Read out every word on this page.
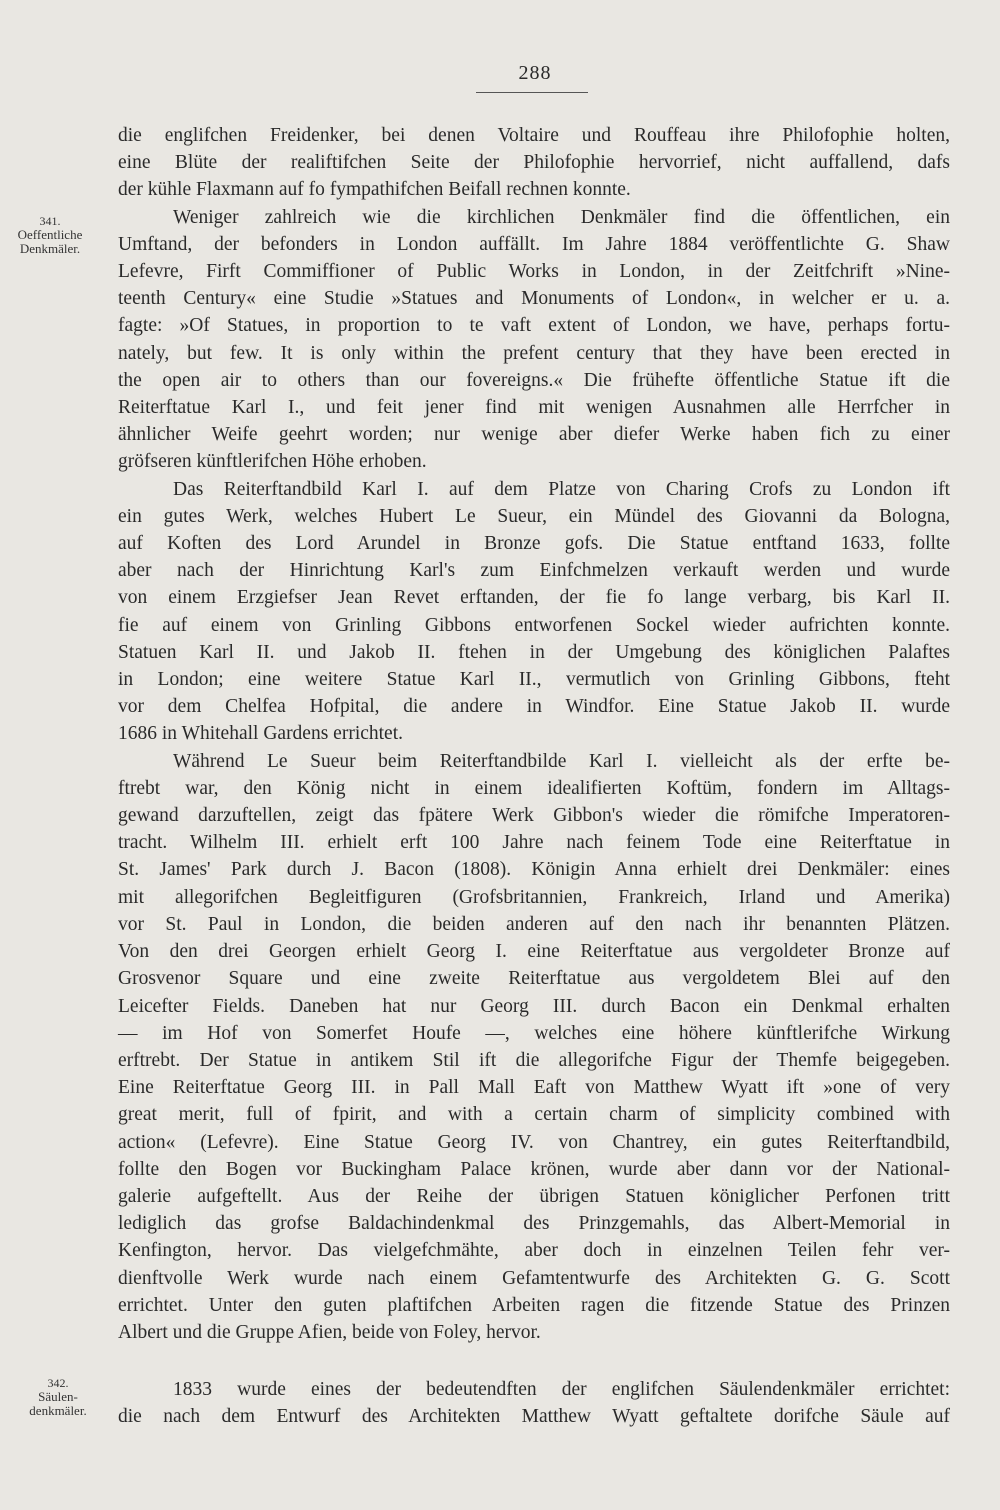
288
341.
Oeffentliche
Denkmäler.
342.
Säulen-
denkmäler.
die englifchen Freidenker, bei denen Voltaire und Rouffeau ihre Philofophie holten,
eine Blüte der realiftifchen Seite der Philofophie hervorrief, nicht auffallend, dafs
der kühle Flaxmann auf fo fympathifchen Beifall rechnen konnte.
Weniger zahlreich wie die kirchlichen Denkmäler find die öffentlichen, ein
Umftand, der befonders in London auffällt. Im Jahre 1884 veröffentlichte G. Shaw
Lefevre, Firft Commiffioner of Public Works in London, in der Zeitfchrift »Nine-
teenth Century« eine Studie »Statues and Monuments of London«, in welcher er u. a.
fagte: »Of Statues, in proportion to te vaft extent of London, we have, perhaps fortu-
nately, but few. It is only within the prefent century that they have been erected in
the open air to others than our fovereigns.« Die frühefte öffentliche Statue ift die
Reiterftatue Karl I., und feit jener find mit wenigen Ausnahmen alle Herrfcher in
ähnlicher Weife geehrt worden; nur wenige aber diefer Werke haben fich zu einer
gröfseren künftlerifchen Höhe erhoben.
Das Reiterftandbild Karl I. auf dem Platze von Charing Crofs zu London ift
ein gutes Werk, welches Hubert Le Sueur, ein Mündel des Giovanni da Bologna,
auf Koften des Lord Arundel in Bronze gofs. Die Statue entftand 1633, follte
aber nach der Hinrichtung Karl's zum Einfchmelzen verkauft werden und wurde
von einem Erzgiefser Jean Revet erftanden, der fie fo lange verbarg, bis Karl II.
fie auf einem von Grinling Gibbons entworfenen Sockel wieder aufrichten konnte.
Statuen Karl II. und Jakob II. ftehen in der Umgebung des königlichen Palaftes
in London; eine weitere Statue Karl II., vermutlich von Grinling Gibbons, fteht
vor dem Chelfea Hofpital, die andere in Windfor. Eine Statue Jakob II. wurde
1686 in Whitehall Gardens errichtet.
Während Le Sueur beim Reiterftandbilde Karl I. vielleicht als der erfte be-
ftrebt war, den König nicht in einem idealifierten Koftüm, fondern im Alltags-
gewand darzuftellen, zeigt das fpätere Werk Gibbon's wieder die römifche Imperatoren-
tracht. Wilhelm III. erhielt erft 100 Jahre nach feinem Tode eine Reiterftatue in
St. James' Park durch J. Bacon (1808). Königin Anna erhielt drei Denkmäler: eines
mit allegorifchen Begleitfiguren (Grofsbritannien, Frankreich, Irland und Amerika)
vor St. Paul in London, die beiden anderen auf den nach ihr benannten Plätzen.
Von den drei Georgen erhielt Georg I. eine Reiterftatue aus vergoldeter Bronze auf
Grosvenor Square und eine zweite Reiterftatue aus vergoldetem Blei auf den
Leicefter Fields. Daneben hat nur Georg III. durch Bacon ein Denkmal erhalten
— im Hof von Somerfet Houfe —, welches eine höhere künftlerifche Wirkung
erftrebt. Der Statue in antikem Stil ift die allegorifche Figur der Themfe beigegeben.
Eine Reiterftatue Georg III. in Pall Mall Eaft von Matthew Wyatt ift »one of very
great merit, full of fpirit, and with a certain charm of simplicity combined with
action« (Lefevre). Eine Statue Georg IV. von Chantrey, ein gutes Reiterftandbild,
follte den Bogen vor Buckingham Palace krönen, wurde aber dann vor der National-
galerie aufgeftellt. Aus der Reihe der übrigen Statuen königlicher Perfonen tritt
lediglich das grofse Baldachindenkmal des Prinzgemahls, das Albert-Memorial in
Kenfington, hervor. Das vielgefchmähte, aber doch in einzelnen Teilen fehr ver-
dienftvolle Werk wurde nach einem Gefamtentwurfe des Architekten G. G. Scott
errichtet. Unter den guten plaftifchen Arbeiten ragen die fitzende Statue des Prinzen
Albert und die Gruppe Afien, beide von Foley, hervor.
1833 wurde eines der bedeutendften der englifchen Säulendenkmäler errichtet:
die nach dem Entwurf des Architekten Matthew Wyatt geftaltete dorifche Säule auf
